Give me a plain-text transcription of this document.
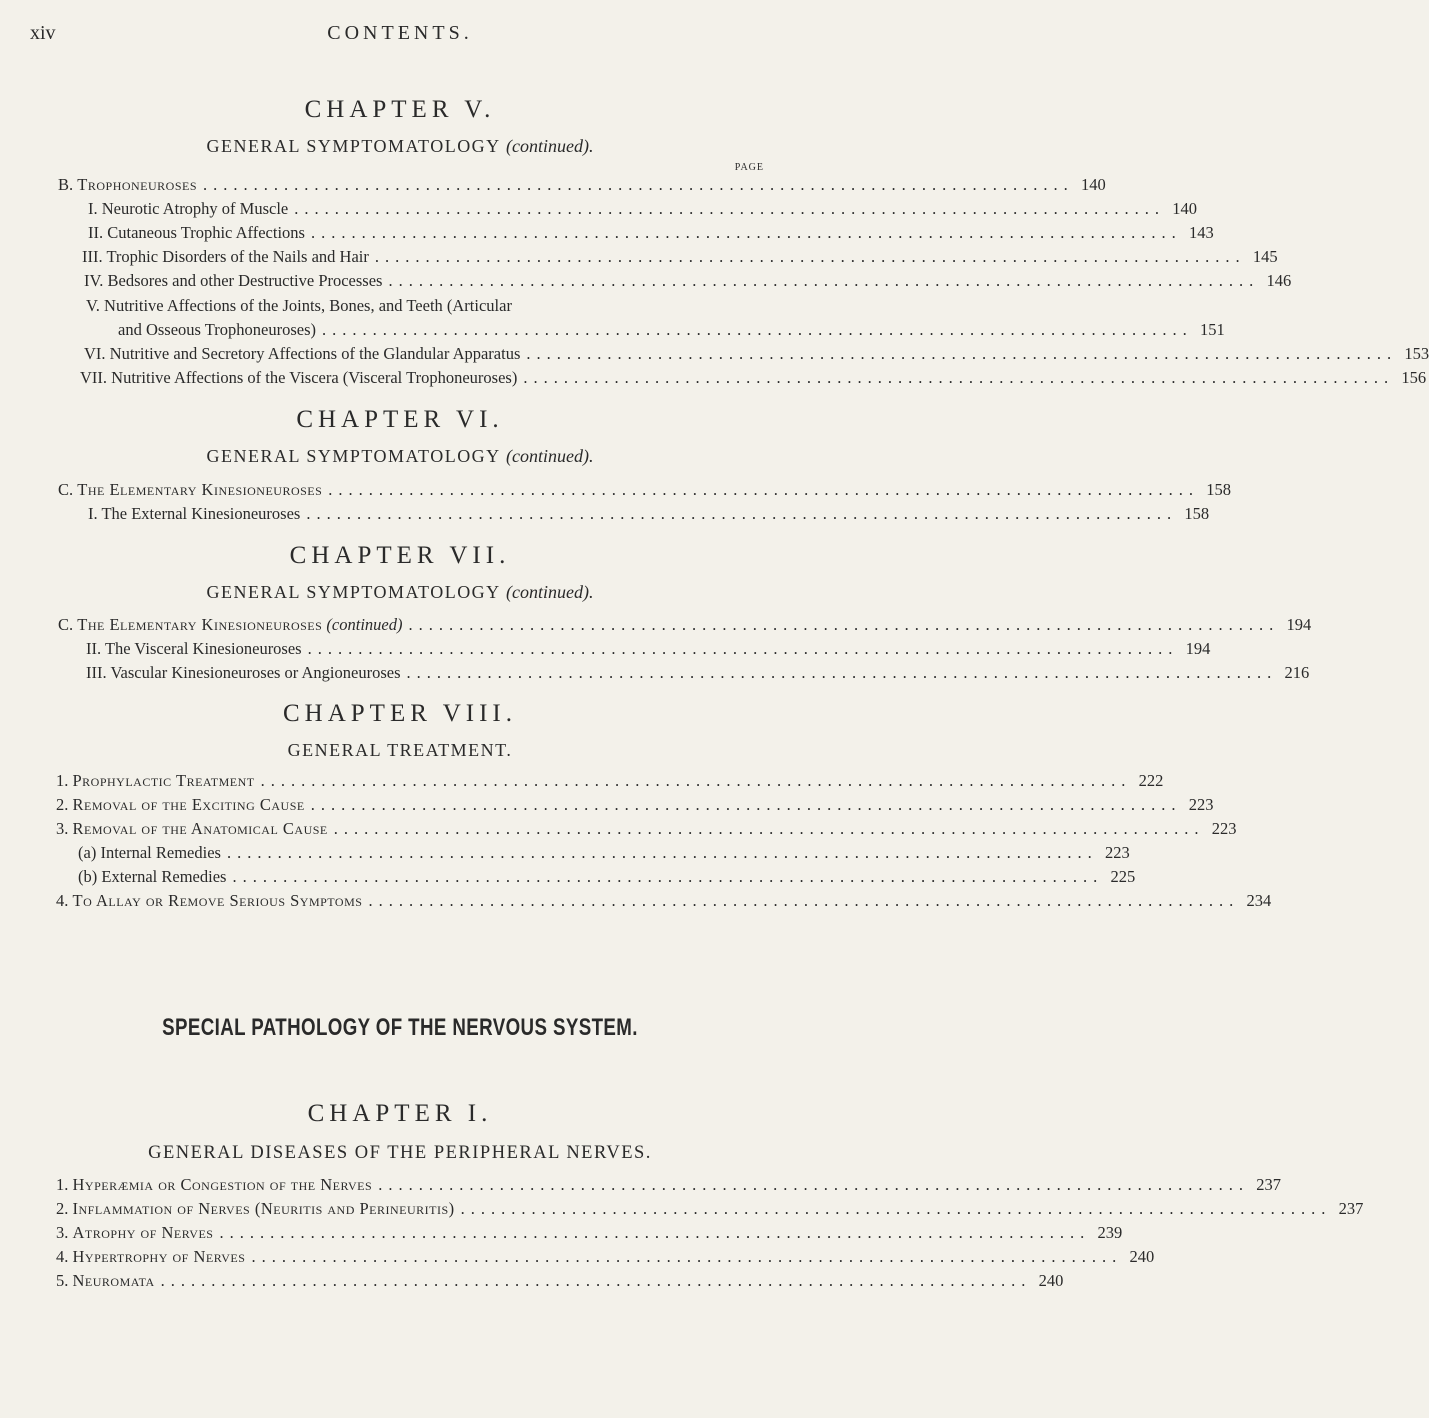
xiv	CONTENTS.
CHAPTER V.
GENERAL SYMPTOMATOLOGY (continued).
PAGE
B. Trophoneuroses ...................................................................................... 140
I. Neurotic Atrophy of Muscle ...................................................................................... 140
II. Cutaneous Trophic Affections ...................................................................................... 143
III. Trophic Disorders of the Nails and Hair ...................................................................................... 145
IV. Bedsores and other Destructive Processes ...................................................................................... 146
V. Nutritive Affections of the Joints, Bones, and Teeth (Articular
and Osseous Trophoneuroses) ...................................................................................... 151
VI. Nutritive and Secretory Affections of the Glandular Apparatus ...................................................................................... 153
VII. Nutritive Affections of the Viscera (Visceral Trophoneuroses) ...................................................................................... 156
CHAPTER VI.
GENERAL SYMPTOMATOLOGY (continued).
C. The Elementary Kinesioneuroses ...................................................................................... 158
I. The External Kinesioneuroses ...................................................................................... 158
CHAPTER VII.
GENERAL SYMPTOMATOLOGY (continued).
C. The Elementary Kinesioneuroses (continued) ...................................................................................... 194
II. The Visceral Kinesioneuroses ...................................................................................... 194
III. Vascular Kinesioneuroses or Angioneuroses ...................................................................................... 216
CHAPTER VIII.
GENERAL TREATMENT.
1. Prophylactic Treatment ...................................................................................... 222
2. Removal of the Exciting Cause ...................................................................................... 223
3. Removal of the Anatomical Cause ...................................................................................... 223
(a) Internal Remedies ...................................................................................... 223
(b) External Remedies ...................................................................................... 225
4. To Allay or Remove Serious Symptoms ...................................................................................... 234
SPECIAL PATHOLOGY OF THE NERVOUS SYSTEM.
CHAPTER I.
GENERAL DISEASES OF THE PERIPHERAL NERVES.
1. Hyperæmia or Congestion of the Nerves ...................................................................................... 237
2. Inflammation of Nerves (Neuritis and Perineuritis) ...................................................................................... 237
3. Atrophy of Nerves ...................................................................................... 239
4. Hypertrophy of Nerves ...................................................................................... 240
5. Neuromata ...................................................................................... 240
